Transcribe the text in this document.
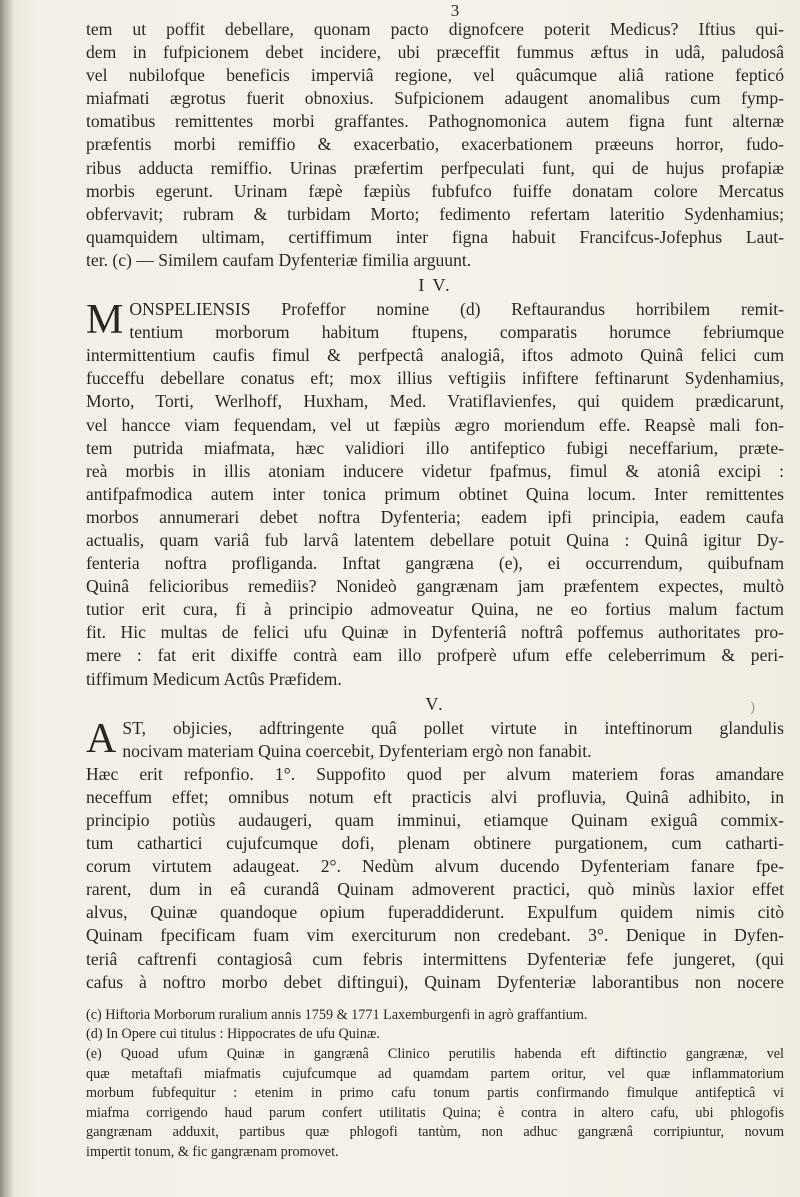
3
tem ut poffit debellare, quonam pacto dignofcere poterit Medicus? Iftius qui-
dem in fufpicionem debet incidere, ubi præceffit fummus æftus in udâ, paludosâ
vel nubilofque beneficis imperviâ regione, vel quâcumque aliâ ratione fepticó
miafmati ægrotus fuerit obnoxius. Sufpicionem adaugent anomalibus cum fymp-
tomatibus remittentes morbi graffantes. Pathognomonica autem figna funt alternæ
præfentis morbi remiffio & exacerbatio, exacerbationem præeuns horror, fudo-
ribus adducta remiffio. Urinas præfertim perfpeculati funt, qui de hujus profapiæ
morbis egerunt. Urinam fæpè fæpiùs fubfufco fuiffe donatam colore Mercatus
obfervavit; rubram & turbidam Morto; fedimento refertam lateritio Sydenhamius;
quamquidem ultimam, certiffimum inter figna habuit Francifcus-Jofephus Laut-
ter. (c) — Similem caufam Dyfenteriæ fimilia arguunt.
I V.
M ONSPELIENSIS Profeffor nomine (d) Reftaurandus horribilem remit-
tentium morborum habitum ftupens, comparatis horumce febriumque
intermittentium caufis fimul & perfpectâ analogiâ, iftos admoto Quinâ felici cum
fucceffu debellare conatus eft; mox illius veftigiis infiftere feftinarunt Sydenhamius,
Morto, Torti, Werlhoff, Huxham, Med. Vratiflavienfes, qui quidem prædicarunt,
vel hancce viam fequendam, vel ut fæpiùs ægro moriendum effe. Reapsè mali fon-
tem putrida miafmata, hæc validiori illo antifeptico fubigi neceffarium, præte-
reà morbis in illis atoniam inducere videtur fpafmus, fimul & atoniâ excipi :
antifpafmodica autem inter tonica primum obtinet Quina locum. Inter remittentes
morbos annumerari debet noftra Dyfenteria; eadem ipfi principia, eadem caufa
actualis, quam variâ fub larvâ latentem debellare potuit Quina : Quinâ igitur Dy-
fenteria noftra profliganda. Inftat gangræna (e), ei occurrendum, quibufnam
Quinâ felicioribus remediis? Nonideò gangrænam jam præfentem expectes, multò
tutior erit cura, fi à principio admoveatur Quina, ne eo fortius malum factum
fit. Hic multas de felici ufu Quinæ in Dyfenteriâ noftrâ poffemus authoritates pro-
mere : fat erit dixiffe contrà eam illo profperè ufum effe celeberrimum & peri-
tiffimum Medicum Actûs Præfidem.
V.
A ST, objicies, adftringente quâ pollet virtute in inteftinorum glandulis
nocivam materiam Quina coercebit, Dyfenteriam ergò non fanabit.
Hæc erit refponfio. 1°. Suppofito quod per alvum materiem foras amandare
neceffum effet; omnibus notum eft practicis alvi profluvia, Quinâ adhibito, in
principio potiùs audaugeri, quam imminui, etiamque Quinam exiguâ commix-
tum cathartici cujufcumque dofi, plenam obtinere purgationem, cum catharti-
corum virtutem adaugeat. 2°. Nedùm alvum ducendo Dyfenteriam fanare fpe-
rarent, dum in eâ curandâ Quinam admoverent practici, quò minùs laxior effet
alvus, Quinæ quandoque opium fuperaddiderunt. Expulfum quidem nimis citò
Quinam fpecificam fuam vim exerciturum non credebant. 3°. Denique in Dyfen-
teriâ caftrenfi contagiosâ cum febris intermittens Dyfenteriæ fefe jungeret, (qui
cafus à noftro morbo debet diftingui), Quinam Dyfenteriæ laborantibus non nocere
(c) Hiftoria Morborum ruralium annis 1759 & 1771 Laxemburgenfi in agrò graffantium.
(d) In Opere cui titulus : Hippocrates de ufu Quinæ.
(e) Quoad ufum Quinæ in gangrænâ Clinico perutilis habenda eft diftinctio gangrænæ, vel
quæ metaftafi miafmatis cujufcumque ad quamdam partem oritur, vel quæ inflammatorium
morbum fubfequitur : etenim in primo cafu tonum partis confirmando fimulque antifepticâ vi
miafma corrigendo haud parum confert utilitatis Quina; è contra in altero cafu, ubi phlogofis
gangrænam adduxit, partibus quæ phlogofi tantùm, non adhuc gangrænâ corripiuntur, novum
impertit tonum, & fic gangrænam promovet.
)
